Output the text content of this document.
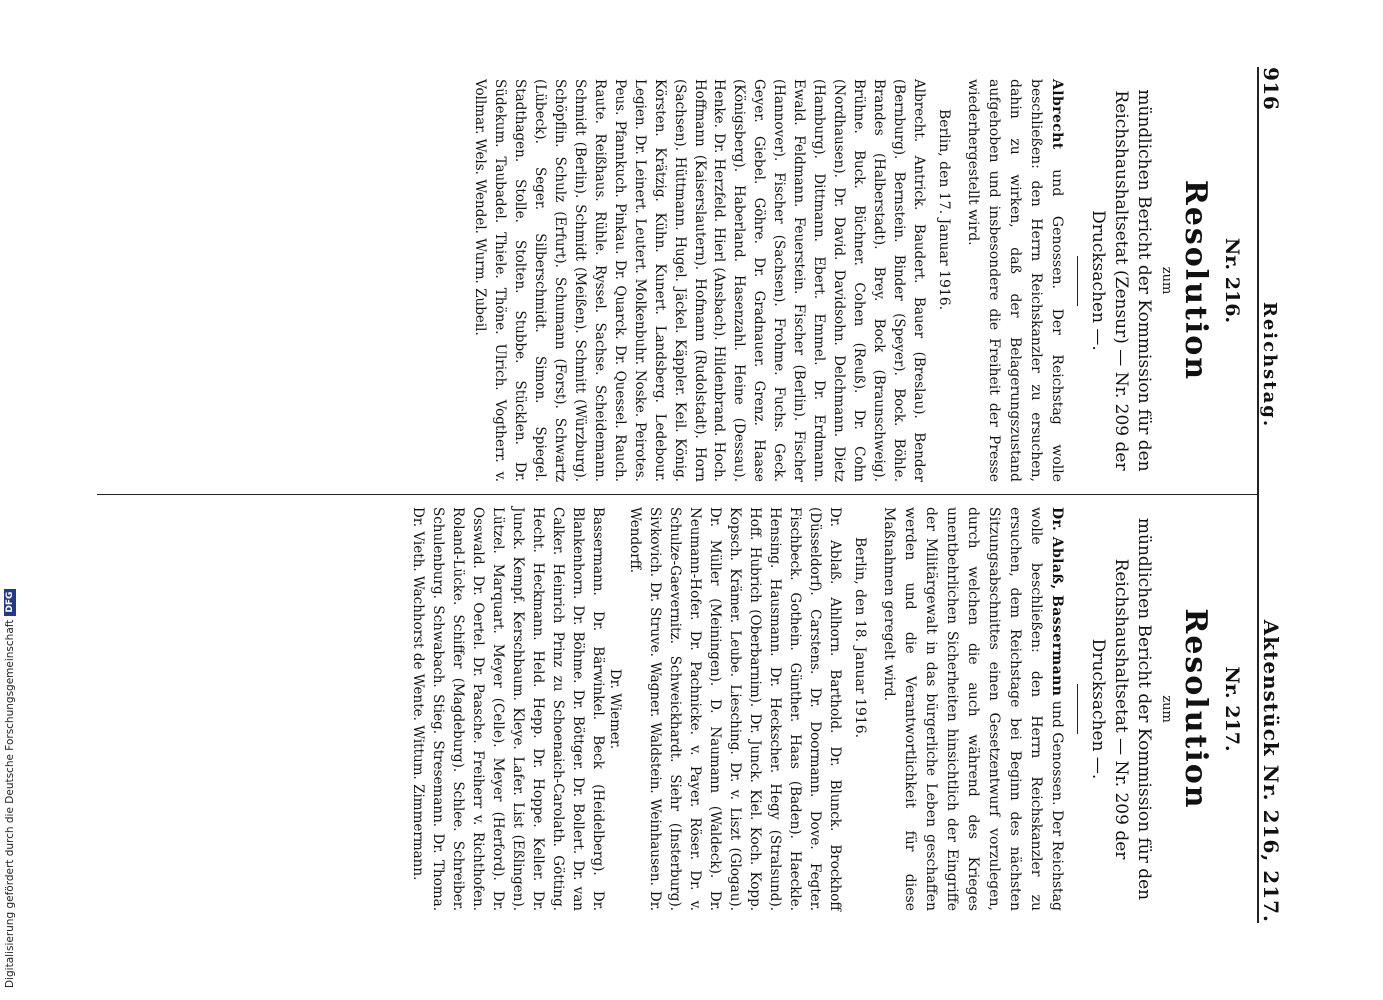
916
Reichstag.
Aktenstück Nr. 216, 217.
Nr. 216.
Resolution
zum
mündlichen Bericht der Kommission für den Reichshaushaltsetat (Zensur) — Nr. 209 der Drucksachen —.

Albrecht und Genossen. Der Reichstag wolle beschließen: den Herrn Reichskanzler zu ersuchen, dahin zu wirken, daß der Belagerungszustand aufgehoben und insbesondere die Freiheit der Presse wiederhergestellt wird.

Berlin, den 17. Januar 1916.

Albrecht. Antrick. Baudert. Bauer (Breslau). Bender (Bernburg). Bernstein. Binder (Speyer). Bock. Böhle. Brandes (Halberstadt). Brey. Bock (Braunschweig). Brühne. Buck. Büchner. Cohen (Reuß). Dr. Cohn (Nordhausen). Dr. David. Davidsohn. Delchmann. Dietz (Hamburg). Dittmann. Ebert. Emmel. Dr. Erdmann. Ewald. Feldmann. Feuerstein. Fischer (Berlin). Fischer (Hannover). Fischer (Sachsen). Frohme. Fuchs. Geck. Geyer. Giebel. Göhre. Dr. Gradnauer. Grenz. Haase (Königsberg). Haberland. Hasenzahl. Heine (Dessau). Henke. Dr. Herzfeld. Hierl (Ansbach). Hildenbrand. Hoch. Hoffmann (Kaiserslautern). Hofmann (Rudolstadt). Horn (Sachsen). Hüttmann. Hugel. Jäckel. Käppler. Keil. König. Körsten. Krätzig. Kühn. Kunert. Landsberg. Ledebour. Legien. Dr. Leinert. Leutert. Molkenbuhr. Noske. Peirotes. Peus. Pfannkuch. Pinkau. Dr. Quarck. Dr. Quessel. Rauch. Raute. Reißhaus. Rühle. Ryssel. Sachse. Scheidemann. Schmidt (Berlin). Schmidt (Meißen). Schmitt (Würzburg). Schöpflin. Schulz (Erfurt). Schumann (Forst). Schwartz (Lübeck). Seger. Silberschmidt. Simon. Spiegel. Stadthagen. Stolle. Stolten. Stubbe. Stücklen. Dr. Südekum. Taubadel. Thiele. Thöne. Ulrich. Vogtherr. v. Vollmar. Wels. Wendel. Wurm. Zubeil.

Nr. 217.
Resolution
zum
mündlichen Bericht der Kommission für den Reichshaushaltsetat — Nr. 209 der Drucksachen —.

Dr. Ablaß, Bassermann und Genossen. Der Reichstag wolle beschließen: den Herrn Reichskanzler zu ersuchen, dem Reichstage bei Beginn des nächsten Sitzungsabschnittes einen Gesetzentwurf vorzulegen, durch welchen die auch während des Krieges unentbehrlichen Sicherheiten hinsichtlich der Eingriffe der Militärgewalt in das bürgerliche Leben geschaffen werden und die Verantwortlichkeit für diese Maßnahmen geregelt wird.

Berlin, den 18. Januar 1916.

Dr. Ablaß. Ahlhorn. Barthold. Dr. Blunck. Brockhoff (Düsseldorf). Carstens. Dr. Doormann. Dove. Fegter. Fischbeck. Gothein. Günther. Haas (Baden). Haeckle. Hensing. Hausmann. Dr. Heckscher. Hegy (Stralsund). Hoff. Hubrich (Oberbarnim). Dr. Junck. Kiel. Koch. Kopp. Kopsch. Krämer. Leube. Liesching. Dr. v. Liszt (Glogau). Dr. Müller (Meiningen). D. Naumann (Waldeck). Dr. Neumann-Hofer. Dr. Pachnicke. v. Payer. Röser. Dr. v. Schulze-Gaevernitz. Schweickhardt. Siehr (Insterburg). Sivkovich. Dr. Struve. Wagner. Waldstein. Weinhausen. Dr. Wendorff.

Dr. Wiemer.

Bassermann. Dr. Bärwinkel. Beck (Heidelberg). Dr. Blankenhorn. Dr. Böhme. Dr. Böttger. Dr. Bollert. Dr. van Calker. Heinrich Prinz zu Schoenaich-Carolath. Götting. Hecht. Heckmann. Held. Hepp. Dr. Hoppe. Keller. Dr. Junck. Kempf. Kerschbaum. Kleye. Lafer. List (Eßlingen). Lützel. Marquart. Meyer (Celle). Meyer (Herford). Dr. Osswald. Dr. Oertel. Dr. Paasche. Freiherr v. Richthofen. Roland-Lücke. Schiffer (Magdeburg). Schlee. Schreiber. Schulenburg. Schwabach. Stieg. Stresemann. Dr. Thoma. Dr. Vieth. Wachhorst de Wente. Wittum. Zimmermann.

Digitalisierung gefördert durch die Deutsche ForschungsgemeinschaftDFG
